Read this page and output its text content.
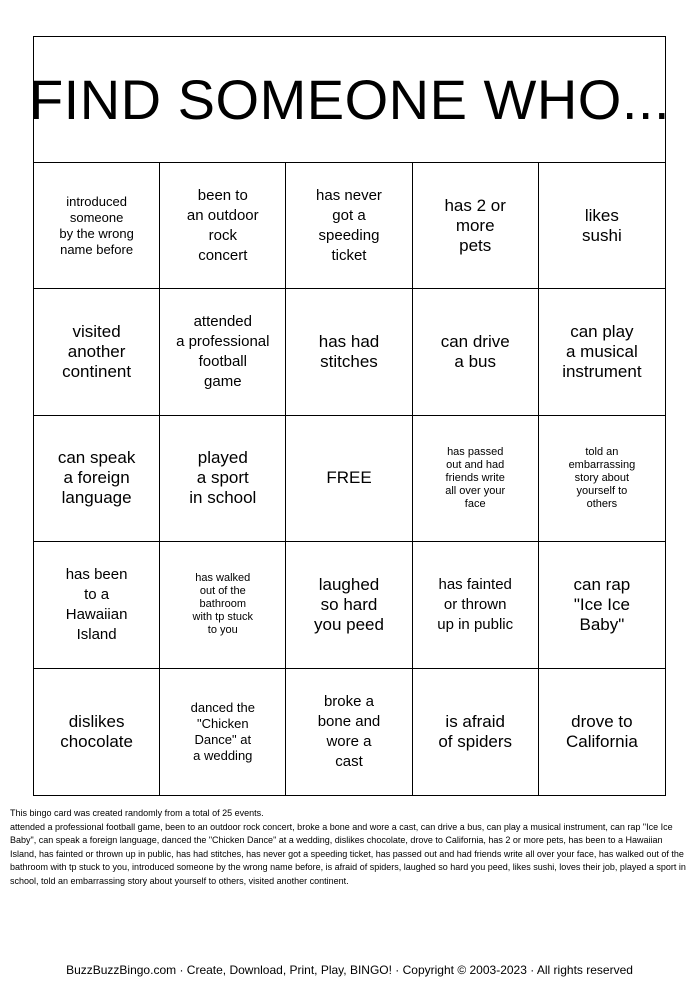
FIND SOMEONE WHO...
introduced
someone
by the wrong
name before
been to
an outdoor
rock
concert
has never
got a
speeding
ticket
has 2 or
more
pets
likes
sushi
visited
another
continent
attended
a professional
football
game
has had
stitches
can drive
a bus
can play
a musical
instrument
can speak
a foreign
language
played
a sport
in school
FREE
has passed
out and had
friends write
all over your
face
told an
embarrassing
story about
yourself to
others
has been
to a
Hawaiian
Island
has walked
out of the
bathroom
with tp stuck
to you
laughed
so hard
you peed
has fainted
or thrown
up in public
can rap
"Ice Ice
Baby"
dislikes
chocolate
danced the
"Chicken
Dance" at
a wedding
broke a
bone and
wore a
cast
is afraid
of spiders
drove to
California
This bingo card was created randomly from a total of 25 events.
attended a professional football game, been to an outdoor rock concert, broke a bone and wore a cast, can drive a bus, can play a musical instrument, can rap "Ice Ice Baby", can speak a foreign language, danced the "Chicken Dance" at a wedding, dislikes chocolate, drove to California, has 2 or more pets, has been to a Hawaiian Island, has fainted or thrown up in public, has had stitches, has never got a speeding ticket, has passed out and had friends write all over your face, has walked out of the bathroom with tp stuck to you, introduced someone by the wrong name before, is afraid of spiders, laughed so hard you peed, likes sushi, loves their job, played a sport in school, told an embarrassing story about yourself to others, visited another continent.
BuzzBuzzBingo.com · Create, Download, Print, Play, BINGO! · Copyright © 2003-2023 · All rights reserved
